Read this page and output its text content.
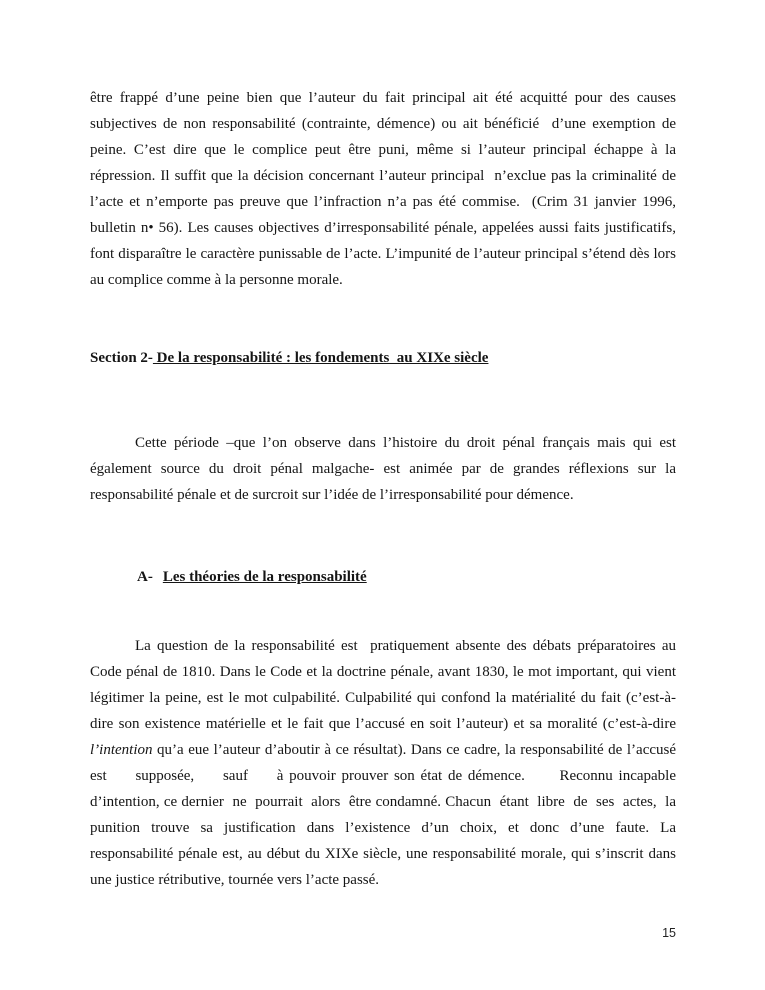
être frappé d’une peine bien que l’auteur du fait principal ait été acquitté pour des causes
subjectives de non responsabilité (contrainte, démence) ou ait bénéficié  d’une exemption de
peine. C’est dire que le complice peut être puni, même si l’auteur principal échappe à la
répression. Il suffit que la décision concernant l’auteur principal  n’exclue pas la criminalité de
l’acte et n’emporte pas preuve que l’infraction n’a pas été commise.  (Crim 31 janvier 1996,
bulletin n• 56). Les causes objectives d’irresponsabilité pénale, appelées aussi faits justificatifs,
font disparaître le caractère punissable de l’acte. L’impunité de l’auteur principal s’étend dès lors
au complice comme à la personne morale.
Section 2- De la responsabilité : les fondements  au XIXe siècle
Cette période –que l’on observe dans l’histoire du droit pénal français mais qui est
également source du droit pénal malgache- est animée par de grandes réflexions sur la
responsabilité pénale et de surcroit sur l’idée de l’irresponsabilité pour démence.
A- Les théories de la responsabilité
La question de la responsabilité est  pratiquement absente des débats préparatoires au
Code pénal de 1810. Dans le Code et la doctrine pénale, avant 1830, le mot important, qui vient
légitimer la peine, est le mot culpabilité. Culpabilité qui confond la matérialité du fait (c’est-à-
dire son existence matérielle et le fait que l’accusé en soit l’auteur) et sa moralité (c’est-à-dire
l’intention qu’a eue l’auteur d’aboutir à ce résultat). Dans ce cadre, la responsabilité de l’accusé
est     supposée,     sauf     à pouvoir prouver son état de démence.      Reconnu incapable
d’intention, ce dernier  ne  pourrait  alors  être condamné. Chacun  étant  libre  de  ses  actes,  la
punition trouve sa justification dans l’existence d’un choix, et donc d’une faute. La
responsabilité pénale est, au début du XIXe siècle, une responsabilité morale, qui s’inscrit dans
une justice rétributive, tournée vers l’acte passé.
15
